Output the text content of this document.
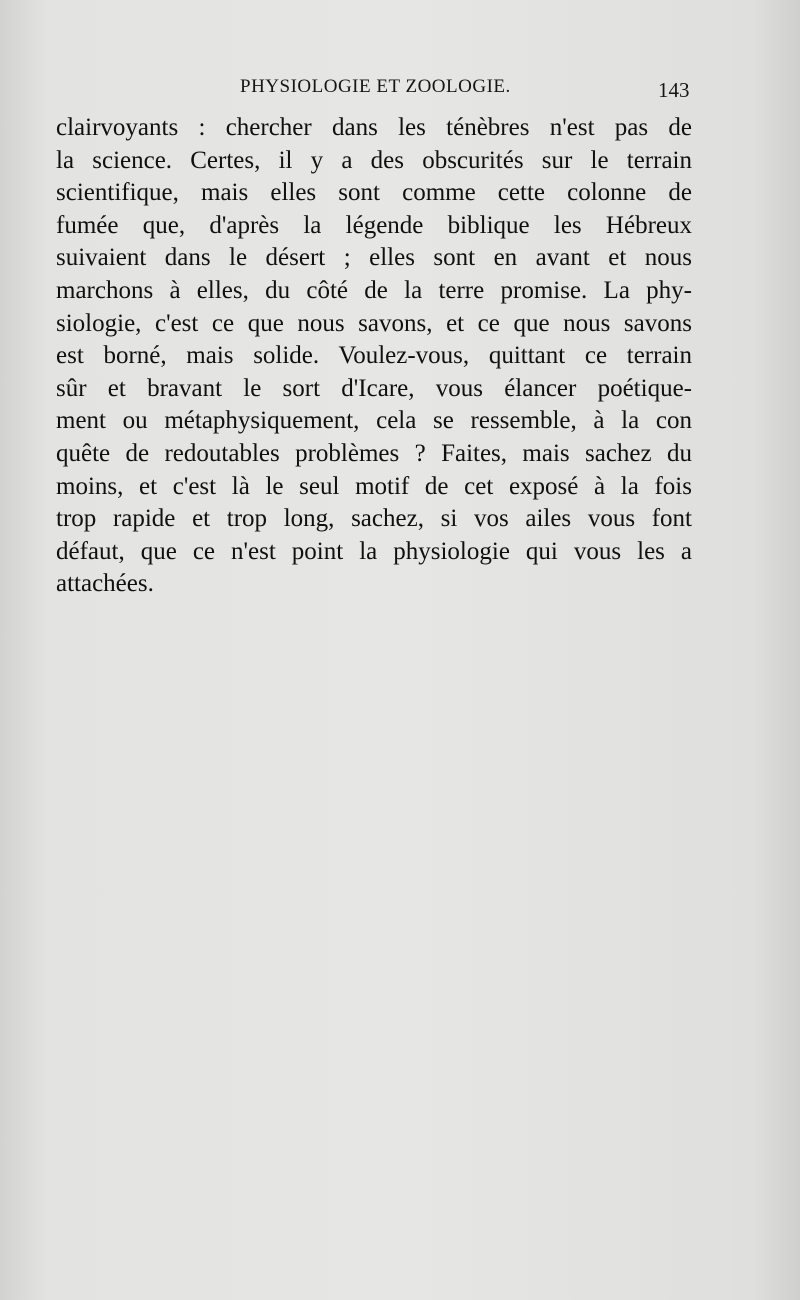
PHYSIOLOGIE ET ZOOLOGIE.	143
clairvoyants : chercher dans les ténèbres n'est pas de
la science. Certes, il y a des obscurités sur le terrain
scientifique, mais elles sont comme cette colonne de
fumée que, d'après la légende biblique les Hébreux
suivaient dans le désert ; elles sont en avant et nous
marchons à elles, du côté de la terre promise. La phy-
siologie, c'est ce que nous savons, et ce que nous savons
est borné, mais solide. Voulez-vous, quittant ce terrain
sûr et bravant le sort d'Icare, vous élancer poétique-
ment ou métaphysiquement, cela se ressemble, à la con
quête de redoutables problèmes ? Faites, mais sachez du
moins, et c'est là le seul motif de cet exposé à la fois
trop rapide et trop long, sachez, si vos ailes vous font
défaut, que ce n'est point la physiologie qui vous les a
attachées.
